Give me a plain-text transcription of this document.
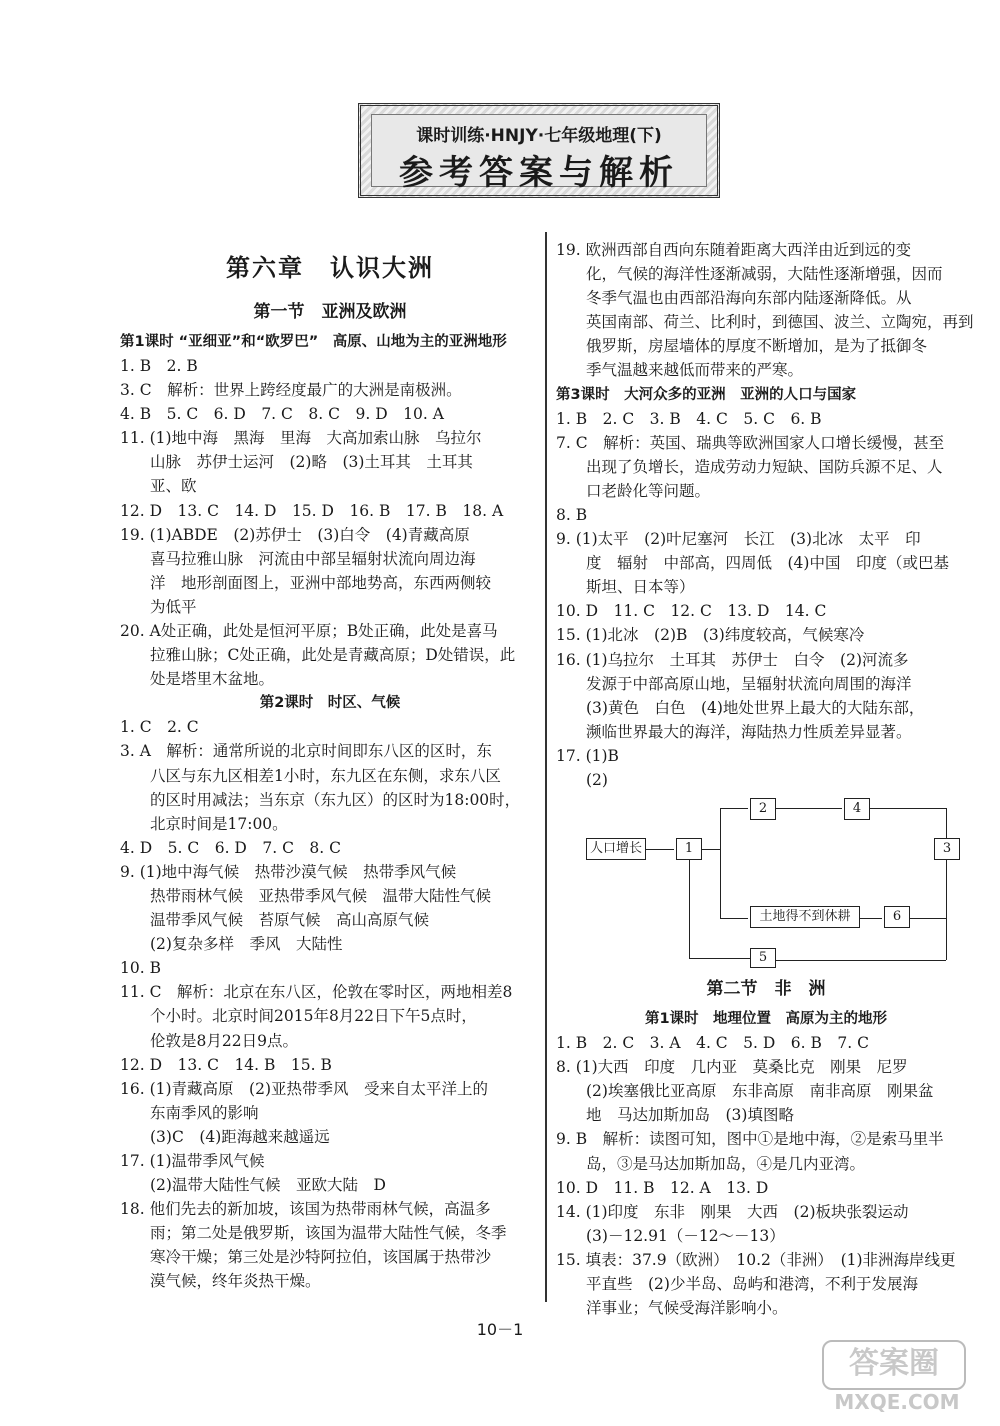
课时训练·HNJY·七年级地理(下)
参考答案与解析
第六章　认识大洲
第一节　亚洲及欧洲
第1课时 “亚细亚”和“欧罗巴”　高原、山地为主的亚洲地形
1. B　2. B
3. C　解析：世界上跨经度最广的大洲是南极洲。
4. B　5. C　6. D　7. C　8. C　9. D　10. A
11. (1)地中海　黑海　里海　大高加索山脉　乌拉尔
山脉　苏伊士运河　(2)略　(3)土耳其　土耳其
亚、欧
12. D　13. C　14. D　15. D　16. B　17. B　18. A
19. (1)ABDE　(2)苏伊士　(3)白令　(4)青藏高原
喜马拉雅山脉　河流由中部呈辐射状流向周边海
洋　地形剖面图上，亚洲中部地势高，东西两侧较
为低平
20. A处正确，此处是恒河平原；B处正确，此处是喜马
拉雅山脉；C处正确，此处是青藏高原；D处错误，此
处是塔里木盆地。
第2课时　时区、气候
1. C　2. C
3. A　解析：通常所说的北京时间即东八区的区时，东
八区与东九区相差1小时，东九区在东侧，求东八区
的区时用减法；当东京（东九区）的区时为18:00时，
北京时间是17:00。
4. D　5. C　6. D　7. C　8. C
9. (1)地中海气候　热带沙漠气候　热带季风气候
热带雨林气候　亚热带季风气候　温带大陆性气候
温带季风气候　苔原气候　高山高原气候
(2)复杂多样　季风　大陆性
10. B
11. C　解析：北京在东八区，伦敦在零时区，两地相差8
个小时。北京时间2015年8月22日下午5点时，
伦敦是8月22日9点。
12. D　13. C　14. B　15. B
16. (1)青藏高原　(2)亚热带季风　受来自太平洋上的
东南季风的影响
(3)C　(4)距海越来越遥远
17. (1)温带季风气候
(2)温带大陆性气候　亚欧大陆　D
18. 他们先去的新加坡，该国为热带雨林气候，高温多
雨；第二处是俄罗斯，该国为温带大陆性气候，冬季
寒冷干燥；第三处是沙特阿拉伯，该国属于热带沙
漠气候，终年炎热干燥。
19. 欧洲西部自西向东随着距离大西洋由近到远的变
化，气候的海洋性逐渐减弱，大陆性逐渐增强，因而
冬季气温也由西部沿海向东部内陆逐渐降低。从
英国南部、荷兰、比利时，到德国、波兰、立陶宛，再到
俄罗斯，房屋墙体的厚度不断增加，是为了抵御冬
季气温越来越低而带来的严寒。
第3课时　大河众多的亚洲　亚洲的人口与国家
1. B　2. C　3. B　4. C　5. C　6. B
7. C　解析：英国、瑞典等欧洲国家人口增长缓慢，甚至
出现了负增长，造成劳动力短缺、国防兵源不足、人
口老龄化等问题。
8. B
9. (1)太平　(2)叶尼塞河　长江　(3)北冰　太平　印
度　辐射　中部高，四周低　(4)中国　印度（或巴基
斯坦、日本等）
10. D　11. C　12. C　13. D　14. C
15. (1)北冰　(2)B　(3)纬度较高，气候寒冷
16. (1)乌拉尔　土耳其　苏伊士　白令　(2)河流多
发源于中部高原山地，呈辐射状流向周围的海洋
(3)黄色　白色　(4)地处世界上最大的大陆东部，
濒临世界最大的海洋，海陆热力性质差异显著。
17. (1)B
(2)
人口增长	1
2	4
3
土地得不到休耕	6
5
第二节　非　洲
第1课时　地理位置　高原为主的地形
1. B　2. C　3. A　4. C　5. D　6. B　7. C
8. (1)大西　印度　几内亚　莫桑比克　刚果　尼罗
(2)埃塞俄比亚高原　东非高原　南非高原　刚果盆
地　马达加斯加岛　(3)填图略
9. B　解析：读图可知，图中①是地中海，②是索马里半
岛，③是马达加斯加岛，④是几内亚湾。
10. D　11. B　12. A　13. D
14. (1)印度　东非　刚果　大西　(2)板块张裂运动
(3)－12.91（－12～－13）
15. 填表：37.9（欧洲）　10.2（非洲）　(1)非洲海岸线更
平直些　(2)少半岛、岛屿和港湾，不利于发展海
洋事业；气候受海洋影响小。
10－1
答案圈
MXQE.COM
